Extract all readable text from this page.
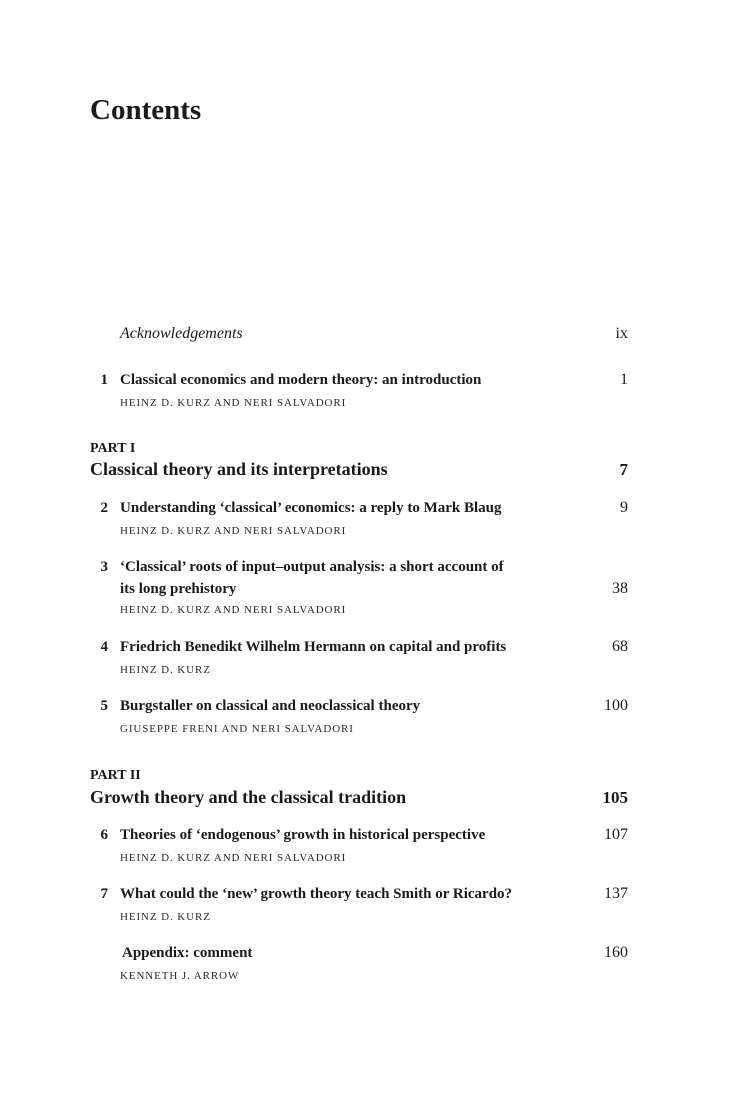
Contents
Acknowledgements	ix
1 Classical economics and modern theory: an introduction	1
HEINZ D. KURZ AND NERI SALVADORI
PART I
Classical theory and its interpretations	7
2 Understanding ‘classical’ economics: a reply to Mark Blaug	9
HEINZ D. KURZ AND NERI SALVADORI
3 ‘Classical’ roots of input–output analysis: a short account of
its long prehistory	38
HEINZ D. KURZ AND NERI SALVADORI
4 Friedrich Benedikt Wilhelm Hermann on capital and profits	68
HEINZ D. KURZ
5 Burgstaller on classical and neoclassical theory	100
GIUSEPPE FRENI AND NERI SALVADORI
PART II
Growth theory and the classical tradition	105
6 Theories of ‘endogenous’ growth in historical perspective	107
HEINZ D. KURZ AND NERI SALVADORI
7 What could the ‘new’ growth theory teach Smith or Ricardo?	137
HEINZ D. KURZ
Appendix: comment	160
KENNETH J. ARROW
